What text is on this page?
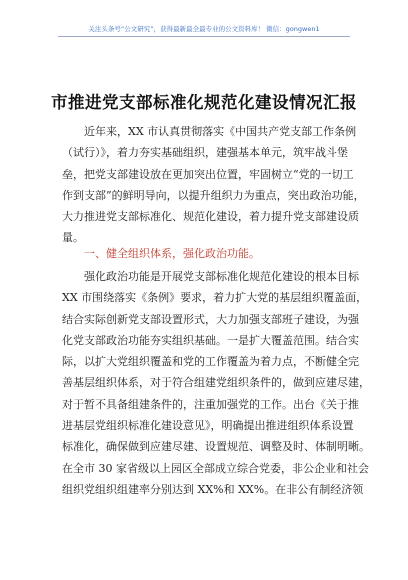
关注头条号“公文研究”，获得最新最全最专业的公文资料库！ 微信：gongwen1
市推进党支部标准化规范化建设情况汇报
近年来，XX 市认真贯彻落实《中国共产党支部工作条例
（试行）》，着力夯实基础组织，建强基本单元，筑牢战斗堡
垒，把党支部建设放在更加突出位置，牢固树立“党的一切工
作到支部”的鲜明导向，以提升组织力为重点，突出政治功能，
大力推进党支部标准化、规范化建设，着力提升党支部建设质
量。
一、健全组织体系，强化政治功能。
强化政治功能是开展党支部标准化规范化建设的根本目标
XX 市围绕落实《条例》要求，着力扩大党的基层组织覆盖面，
结合实际创新党支部设置形式，大力加强支部班子建设，为强
化党支部政治功能夯实组织基础。一是扩大覆盖范围。结合实
际，以扩大党组织覆盖和党的工作覆盖为着力点，不断健全完
善基层组织体系，对于符合组建党组织条件的，做到应建尽建，
对于暂不具备组建条件的，注重加强党的工作。出台《关于推
进基层党组织标准化建设意见》，明确提出推进组织体系设置
标准化，确保做到应建尽建、设置规范、调整及时、体制明晰。
在全市 30 家省级以上园区全部成立综合党委，非公企业和社会
组织党组织组建率分别达到 XX%和 XX%。在非公有制经济领
